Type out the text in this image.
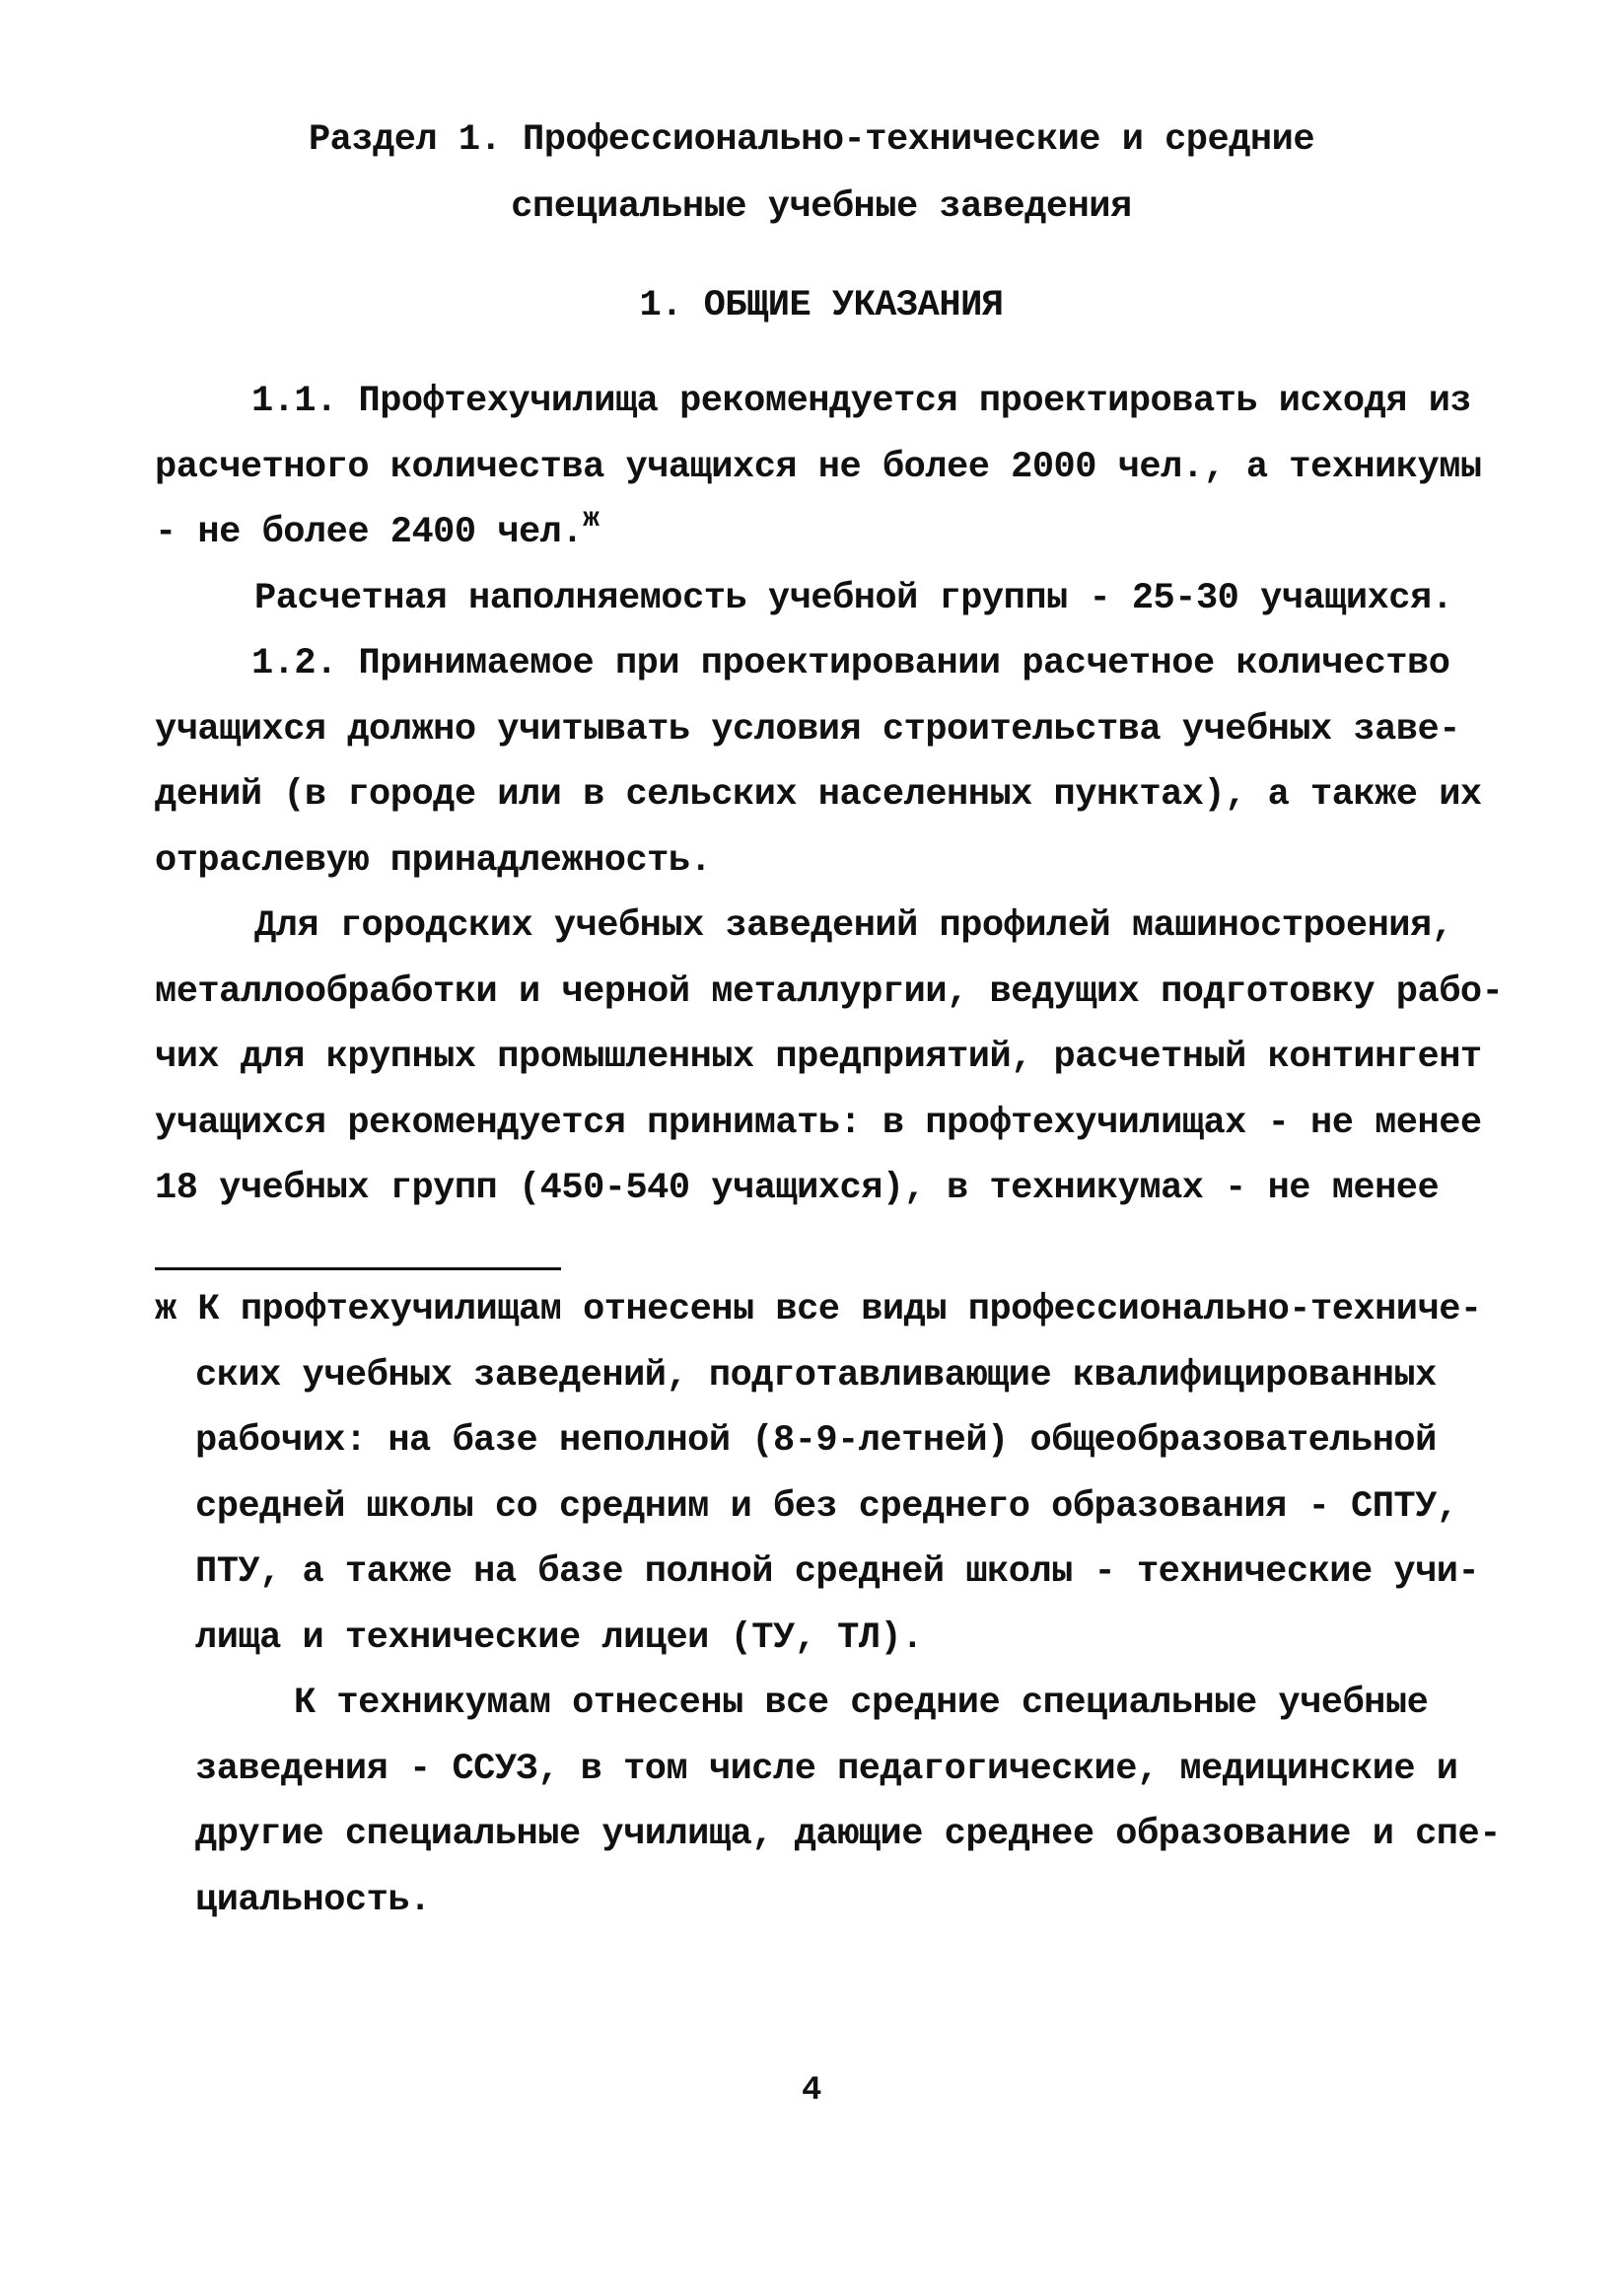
Раздел 1. Профессионально-технические и средние
специальные учебные заведения
1. ОБЩИЕ УКАЗАНИЯ
1.1. Профтехучилища рекомендуется проектировать исходя из
расчетного количества учащихся не более 2000 чел., а техникумы
- не более 2400 чел.$^ж$
Расчетная наполняемость учебной группы - 25-30 учащихся.
1.2. Принимаемое при проектировании расчетное количество
учащихся должно учитывать условия строительства учебных заве-
дений (в городе или в сельских населенных пунктах), а также их
отраслевую принадлежность.
Для городских учебных заведений профилей машиностроения,
металлообработки и черной металлургии, ведущих подготовку рабо-
чих для крупных промышленных предприятий, расчетный контингент
учащихся рекомендуется принимать: в профтехучилищах - не менее
18 учебных групп (450-540 учащихся), в техникумах - не менее
ж К профтехучилищам отнесены все виды профессионально-техниче-
ских учебных заведений, подготавливающие квалифицированных
рабочих: на базе неполной (8-9-летней) общеобразовательной
средней школы со средним и без среднего образования - СПТУ,
ПТУ, а также на базе полной средней школы - технические учи-
лища и технические лицеи (ТУ, ТЛ).
К техникумам отнесены все средние специальные учебные
заведения - ССУЗ, в том числе педагогические, медицинские и
другие специальные училища, дающие среднее образование и спе-
циальность.
4
